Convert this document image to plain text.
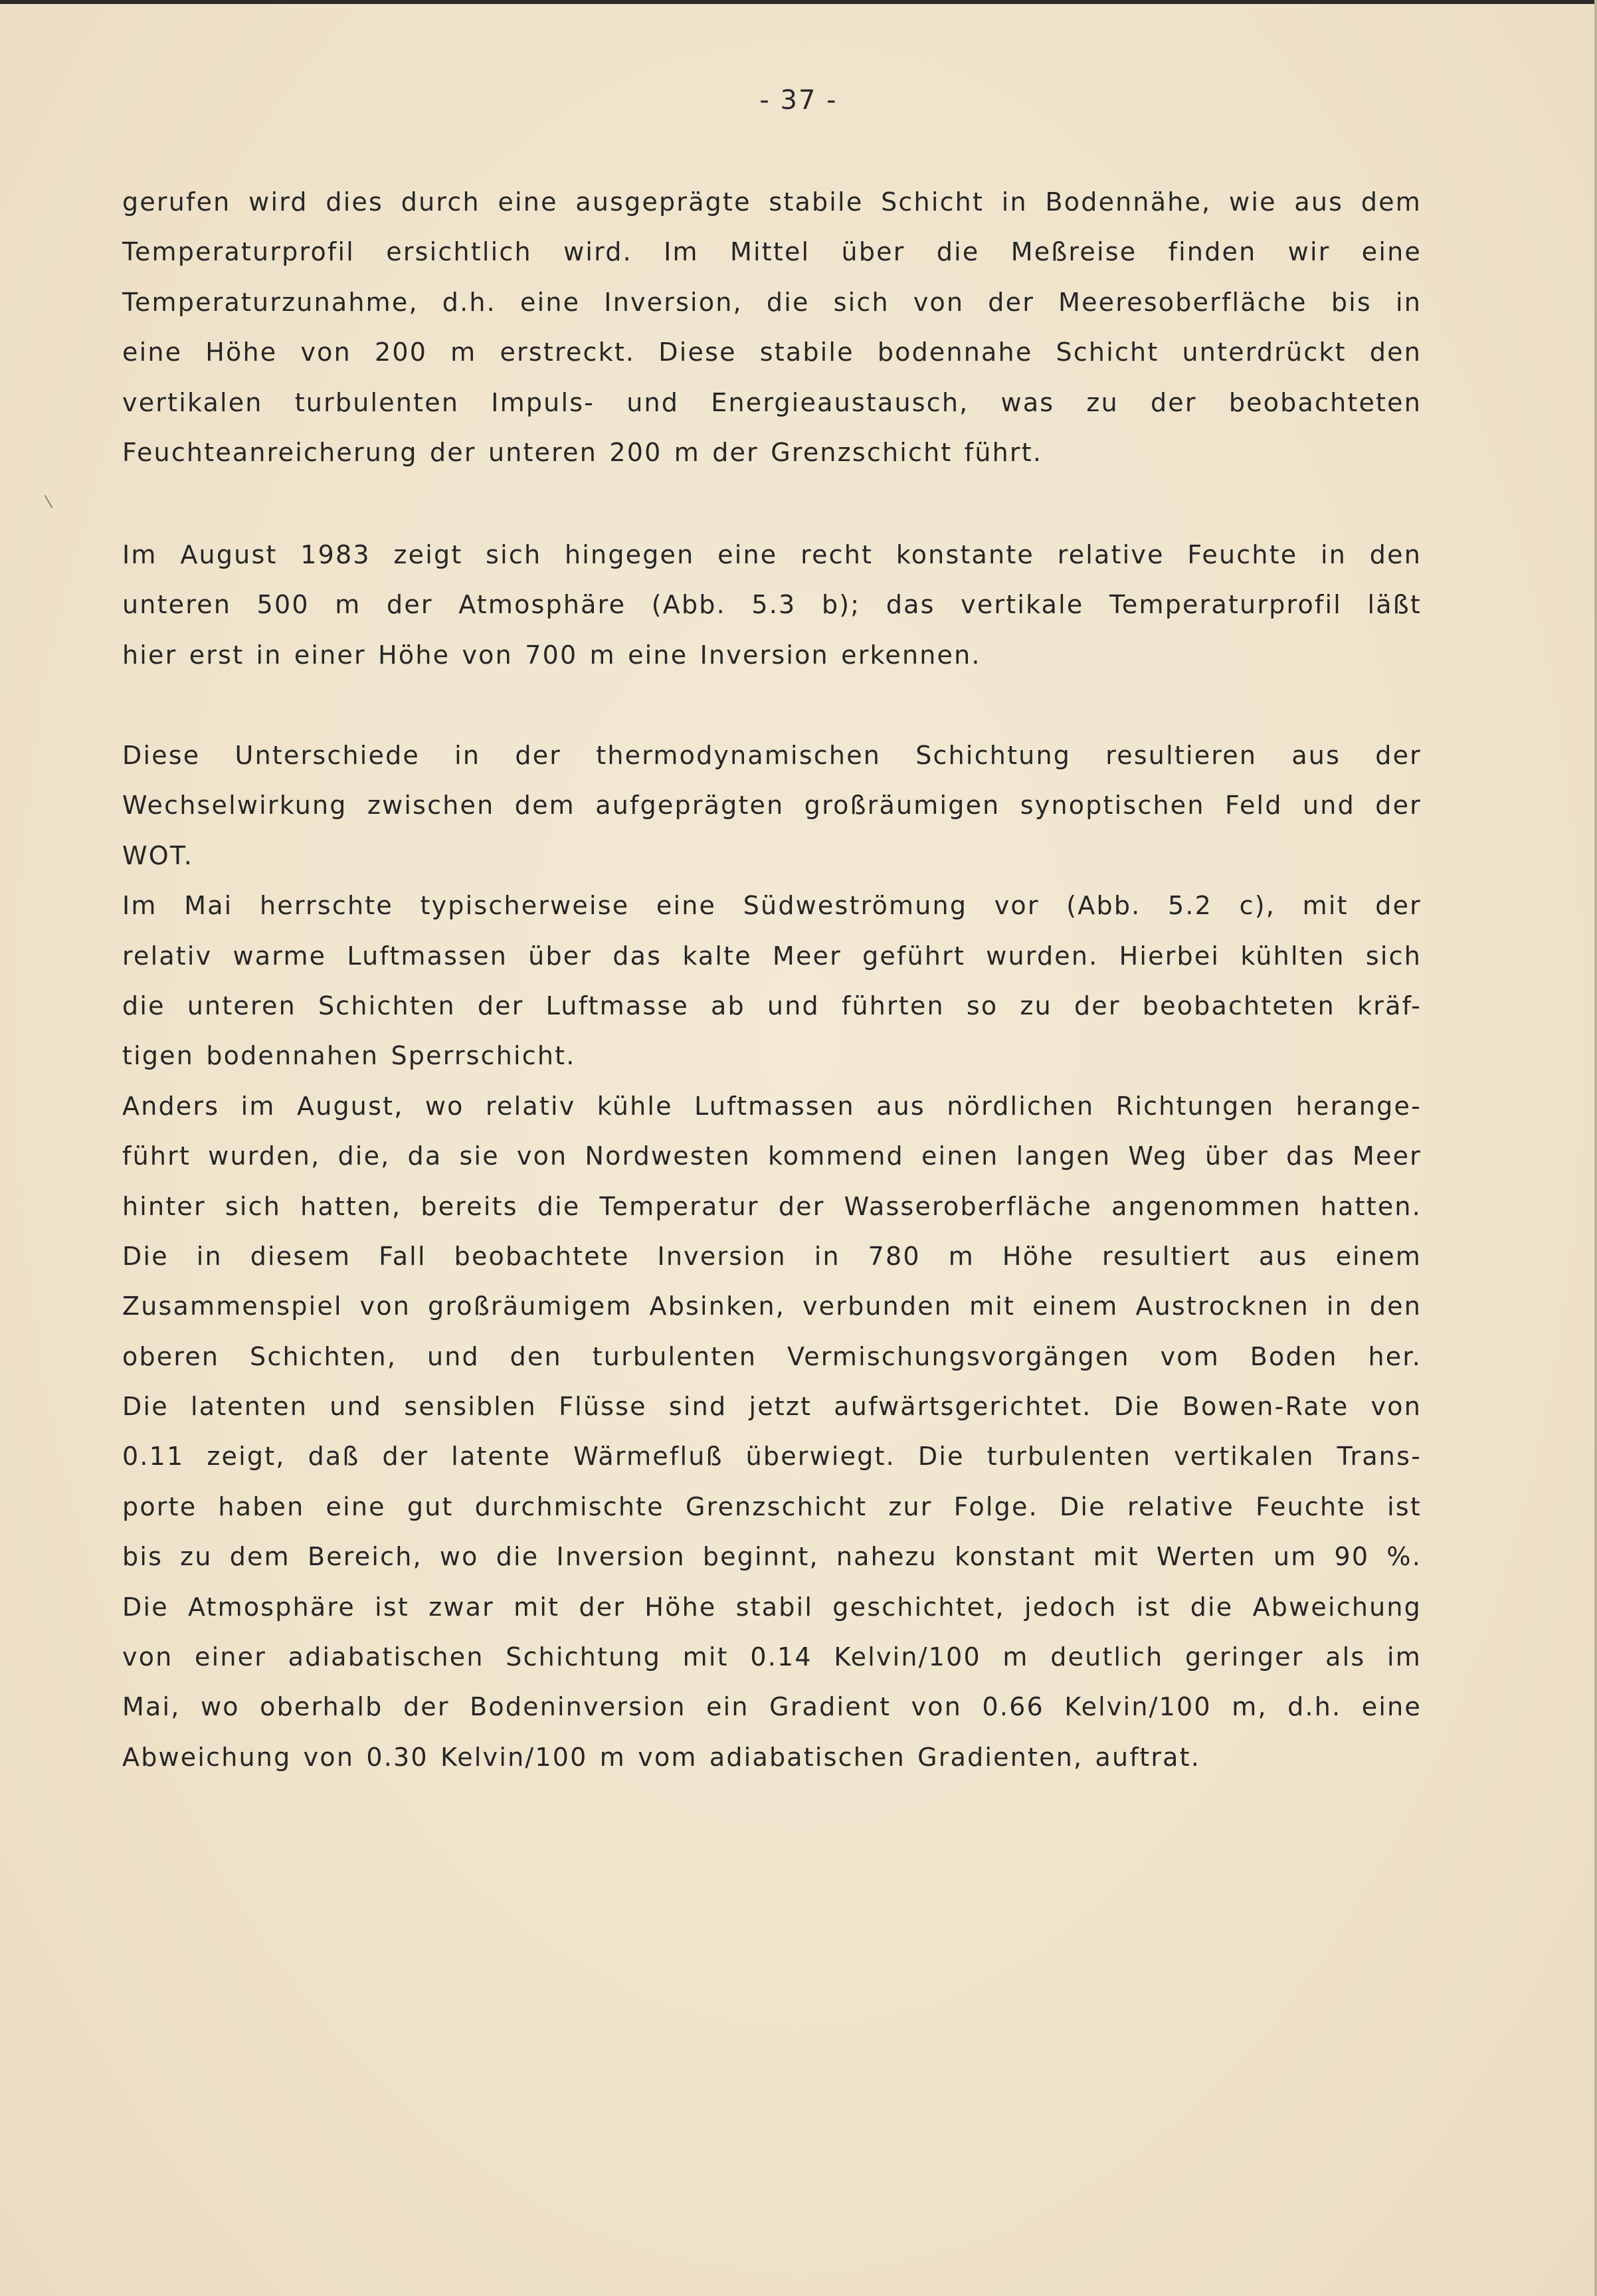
- 37 -
gerufen wird dies durch eine ausgeprägte stabile Schicht in Bodennähe, wie aus dem
Temperaturprofil ersichtlich wird. Im Mittel über die Meßreise finden wir eine
Temperaturzunahme, d.h. eine Inversion, die sich von der Meeresoberfläche bis in
eine Höhe von 200 m erstreckt. Diese stabile bodennahe Schicht unterdrückt den
vertikalen turbulenten Impuls- und Energieaustausch, was zu der beobachteten
Feuchteanreicherung der unteren 200 m der Grenzschicht führt.
Im August 1983 zeigt sich hingegen eine recht konstante relative Feuchte in den
unteren 500 m der Atmosphäre (Abb. 5.3 b); das vertikale Temperaturprofil läßt
hier erst in einer Höhe von 700 m eine Inversion erkennen.
Diese Unterschiede in der thermodynamischen Schichtung resultieren aus der
Wechselwirkung zwischen dem aufgeprägten großräumigen synoptischen Feld und der
WOT.
Im Mai herrschte typischerweise eine Südweströmung vor (Abb. 5.2 c), mit der
relativ warme Luftmassen über das kalte Meer geführt wurden. Hierbei kühlten sich
die unteren Schichten der Luftmasse ab und führten so zu der beobachteten kräf-
tigen bodennahen Sperrschicht.
Anders im August, wo relativ kühle Luftmassen aus nördlichen Richtungen herange-
führt wurden, die, da sie von Nordwesten kommend einen langen Weg über das Meer
hinter sich hatten, bereits die Temperatur der Wasseroberfläche angenommen hatten.
Die in diesem Fall beobachtete Inversion in 780 m Höhe resultiert aus einem
Zusammenspiel von großräumigem Absinken, verbunden mit einem Austrocknen in den
oberen Schichten, und den turbulenten Vermischungsvorgängen vom Boden her.
Die latenten und sensiblen Flüsse sind jetzt aufwärtsgerichtet. Die Bowen-Rate von
0.11 zeigt, daß der latente Wärmefluß überwiegt. Die turbulenten vertikalen Trans-
porte haben eine gut durchmischte Grenzschicht zur Folge. Die relative Feuchte ist
bis zu dem Bereich, wo die Inversion beginnt, nahezu konstant mit Werten um 90 %.
Die Atmosphäre ist zwar mit der Höhe stabil geschichtet, jedoch ist die Abweichung
von einer adiabatischen Schichtung mit 0.14 Kelvin/100 m deutlich geringer als im
Mai, wo oberhalb der Bodeninversion ein Gradient von 0.66 Kelvin/100 m, d.h. eine
Abweichung von 0.30 Kelvin/100 m vom adiabatischen Gradienten, auftrat.
